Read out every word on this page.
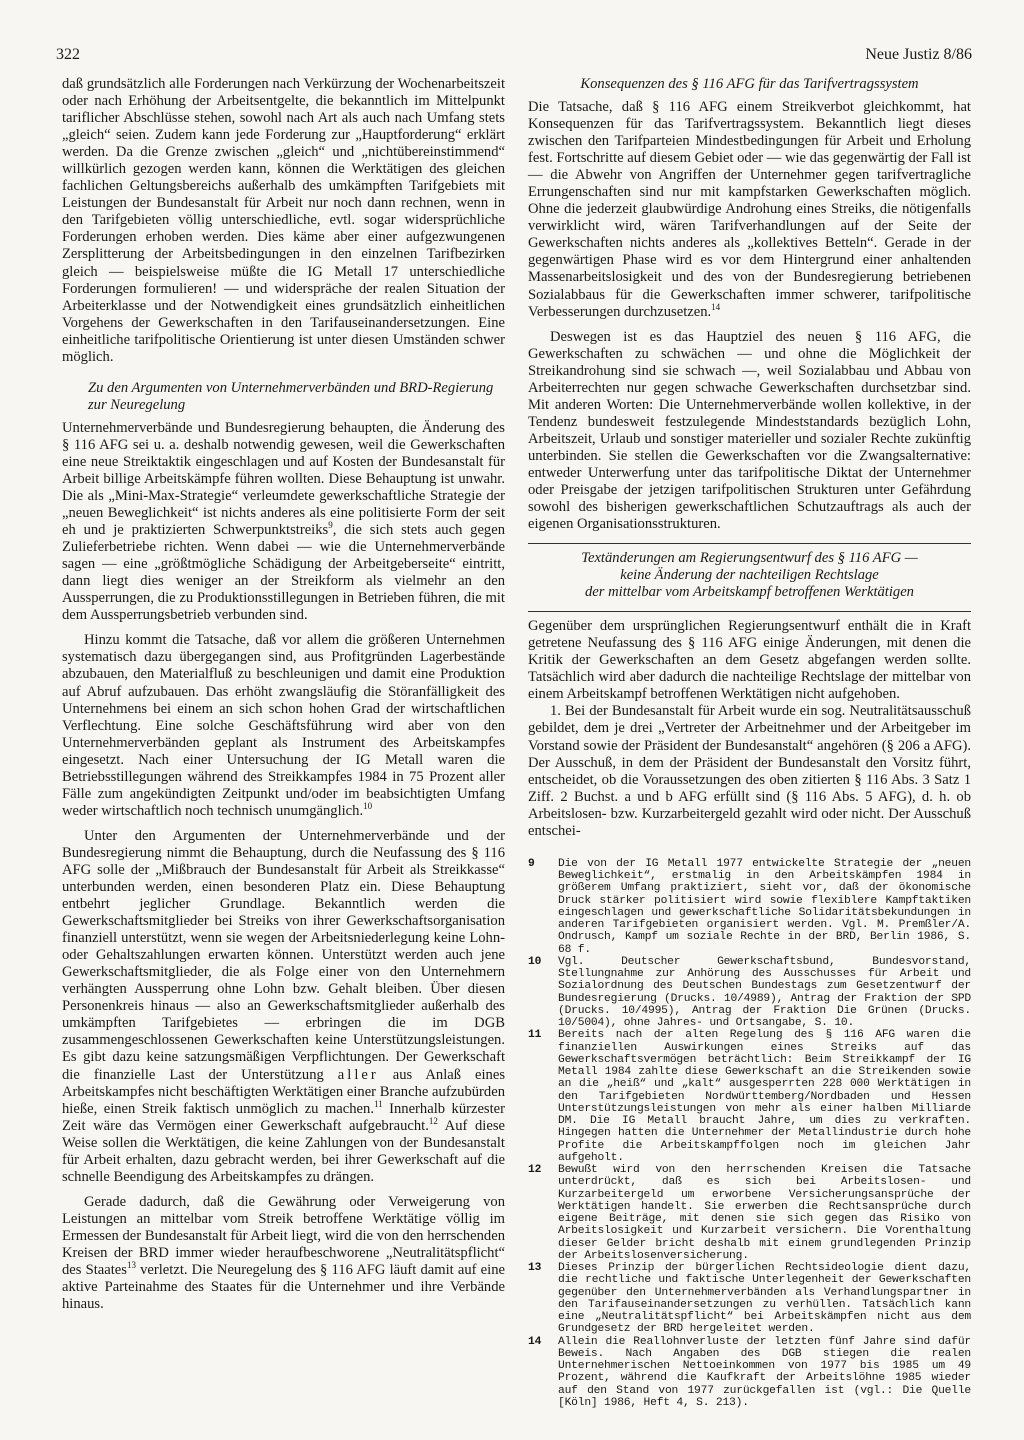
322	Neue Justiz 8/86

daß grundsätzlich alle Forderungen nach Verkürzung der Wochenarbeitszeit oder nach Erhöhung der Arbeitsentgelte, die bekanntlich im Mittelpunkt tariflicher Abschlüsse stehen, sowohl nach Art als auch nach Umfang stets „gleich“ seien. Zudem kann jede Forderung zur „Hauptforderung“ erklärt werden. Da die Grenze zwischen „gleich“ und „nichtübereinstimmend“ willkürlich gezogen werden kann, können die Werktätigen des gleichen fachlichen Geltungsbereichs außerhalb des umkämpften Tarifgebiets mit Leistungen der Bundesanstalt für Arbeit nur noch dann rechnen, wenn in den Tarifgebieten völlig unterschiedliche, evtl. sogar widersprüchliche Forderungen erhoben werden. Dies käme aber einer aufgezwungenen Zersplitterung der Arbeitsbedingungen in den einzelnen Tarifbezirken gleich — beispielsweise müßte die IG Metall 17 unterschiedliche Forderungen formulieren! — und widerspräche der realen Situation der Arbeiterklasse und der Notwendigkeit eines grundsätzlich einheitlichen Vorgehens der Gewerkschaften in den Tarifauseinandersetzungen. Eine einheitliche tarifpolitische Orientierung ist unter diesen Umständen schwer möglich.

Zu den Argumenten von Unternehmerverbänden und BRD-Regierung zur Neuregelung

Unternehmerverbände und Bundesregierung behaupten, die Änderung des § 116 AFG sei u. a. deshalb notwendig gewesen, weil die Gewerkschaften eine neue Streiktaktik eingeschlagen und auf Kosten der Bundesanstalt für Arbeit billige Arbeitskämpfe führen wollten. Diese Behauptung ist unwahr. Die als „Mini-Max-Strategie“ verleumdete gewerkschaftliche Strategie der „neuen Beweglichkeit“ ist nichts anderes als eine politisierte Form der seit eh und je praktizierten Schwerpunktstreiks$^9$, die sich stets auch gegen Zulieferbetriebe richten. Wenn dabei — wie die Unternehmerverbände sagen — eine „größtmögliche Schädigung der Arbeitgeberseite“ eintritt, dann liegt dies weniger an der Streikform als vielmehr an den Aussperrungen, die zu Produktionsstillegungen in Betrieben führen, die mit dem Aussperrungsbetrieb verbunden sind.

Hinzu kommt die Tatsache, daß vor allem die größeren Unternehmen systematisch dazu übergegangen sind, aus Profitgründen Lagerbestände abzubauen, den Materialfluß zu beschleunigen und damit eine Produktion auf Abruf aufzubauen. Das erhöht zwangsläufig die Störanfälligkeit des Unternehmens bei einem an sich schon hohen Grad der wirtschaftlichen Verflechtung. Eine solche Geschäftsführung wird aber von den Unternehmerverbänden geplant als Instrument des Arbeitskampfes eingesetzt. Nach einer Untersuchung der IG Metall waren die Betriebsstillegungen während des Streikkampfes 1984 in 75 Prozent aller Fälle zum angekündigten Zeitpunkt und/oder im beabsichtigten Umfang weder wirtschaftlich noch technisch unumgänglich.$^{10}$

Unter den Argumenten der Unternehmerverbände und der Bundesregierung nimmt die Behauptung, durch die Neufassung des § 116 AFG solle der „Mißbrauch der Bundesanstalt für Arbeit als Streikkasse“ unterbunden werden, einen besonderen Platz ein. Diese Behauptung entbehrt jeglicher Grundlage. Bekanntlich werden die Gewerkschaftsmitglieder bei Streiks von ihrer Gewerkschaftsorganisation finanziell unterstützt, wenn sie wegen der Arbeitsniederlegung keine Lohn- oder Gehaltszahlungen erwarten können. Unterstützt werden auch jene Gewerkschaftsmitglieder, die als Folge einer von den Unternehmern verhängten Aussperrung ohne Lohn bzw. Gehalt bleiben. Über diesen Personenkreis hinaus — also an Gewerkschaftsmitglieder außerhalb des umkämpften Tarifgebietes — erbringen die im DGB zusammengeschlossenen Gewerkschaften keine Unterstützungsleistungen. Es gibt dazu keine satzungsmäßigen Verpflichtungen. Der Gewerkschaft die finanzielle Last der Unterstützung aller aus Anlaß eines Arbeitskampfes nicht beschäftigten Werktätigen einer Branche aufzubürden hieße, einen Streik faktisch unmöglich zu machen.$^{11}$ Innerhalb kürzester Zeit wäre das Vermögen einer Gewerkschaft aufgebraucht.$^{12}$ Auf diese Weise sollen die Werktätigen, die keine Zahlungen von der Bundesanstalt für Arbeit erhalten, dazu gebracht werden, bei ihrer Gewerkschaft auf die schnelle Beendigung des Arbeitskampfes zu drängen.

Gerade dadurch, daß die Gewährung oder Verweigerung von Leistungen an mittelbar vom Streik betroffene Werktätige völlig im Ermessen der Bundesanstalt für Arbeit liegt, wird die von den herrschenden Kreisen der BRD immer wieder heraufbeschworene „Neutralitätspflicht“ des Staates$^{13}$ verletzt. Die Neuregelung des § 116 AFG läuft damit auf eine aktive Parteinahme des Staates für die Unternehmer und ihre Verbände hinaus.

Konsequenzen des § 116 AFG für das Tarifvertragssystem

Die Tatsache, daß § 116 AFG einem Streikverbot gleichkommt, hat Konsequenzen für das Tarifvertragssystem. Bekanntlich liegt dieses zwischen den Tarifparteien Mindestbedingungen für Arbeit und Erholung fest. Fortschritte auf diesem Gebiet oder — wie das gegenwärtig der Fall ist — die Abwehr von Angriffen der Unternehmer gegen tarifvertragliche Errungenschaften sind nur mit kampfstarken Gewerkschaften möglich. Ohne die jederzeit glaubwürdige Androhung eines Streiks, die nötigenfalls verwirklicht wird, wären Tarifverhandlungen auf der Seite der Gewerkschaften nichts anderes als „kollektives Betteln“. Gerade in der gegenwärtigen Phase wird es vor dem Hintergrund einer anhaltenden Massenarbeitslosigkeit und des von der Bundesregierung betriebenen Sozialabbaus für die Gewerkschaften immer schwerer, tarifpolitische Verbesserungen durchzusetzen.$^{14}$

Deswegen ist es das Hauptziel des neuen § 116 AFG, die Gewerkschaften zu schwächen — und ohne die Möglichkeit der Streikandrohung sind sie schwach —, weil Sozialabbau und Abbau von Arbeiterrechten nur gegen schwache Gewerkschaften durchsetzbar sind. Mit anderen Worten: Die Unternehmerverbände wollen kollektive, in der Tendenz bundesweit festzulegende Mindeststandards bezüglich Lohn, Arbeitszeit, Urlaub und sonstiger materieller und sozialer Rechte zukünftig unterbinden. Sie stellen die Gewerkschaften vor die Zwangsalternative: entweder Unterwerfung unter das tarifpolitische Diktat der Unternehmer oder Preisgabe der jetzigen tarifpolitischen Strukturen unter Gefährdung sowohl des bisherigen gewerkschaftlichen Schutzauftrags als auch der eigenen Organisationsstrukturen.

Textänderungen am Regierungsentwurf des § 116 AFG —
keine Änderung der nachteiligen Rechtslage
der mittelbar vom Arbeitskampf betroffenen Werktätigen

Gegenüber dem ursprünglichen Regierungsentwurf enthält die in Kraft getretene Neufassung des § 116 AFG einige Änderungen, mit denen die Kritik der Gewerkschaften an dem Gesetz abgefangen werden sollte. Tatsächlich wird aber dadurch die nachteilige Rechtslage der mittelbar von einem Arbeitskampf betroffenen Werktätigen nicht aufgehoben.

1. Bei der Bundesanstalt für Arbeit wurde ein sog. Neutralitätsausschuß gebildet, dem je drei „Vertreter der Arbeitnehmer und der Arbeitgeber im Vorstand sowie der Präsident der Bundesanstalt“ angehören (§ 206 a AFG). Der Ausschuß, in dem der Präsident der Bundesanstalt den Vorsitz führt, entscheidet, ob die Voraussetzungen des oben zitierten § 116 Abs. 3 Satz 1 Ziff. 2 Buchst. a und b AFG erfüllt sind (§ 116 Abs. 5 AFG), d. h. ob Arbeitslosen- bzw. Kurzarbeitergeld gezahlt wird oder nicht. Der Ausschuß entschei-

9	Die von der IG Metall 1977 entwickelte Strategie der „neuen Beweglichkeit“, erstmalig in den Arbeitskämpfen 1984 in größerem Umfang praktiziert, sieht vor, daß der ökonomische Druck stärker politisiert wird sowie flexiblere Kampftaktiken eingeschlagen und gewerkschaftliche Solidaritätsbekundungen in anderen Tarifgebieten organisiert werden. Vgl. M. Premßler/A. Ondrusch, Kampf um soziale Rechte in der BRD, Berlin 1986, S. 68 f.
10	Vgl. Deutscher Gewerkschaftsbund, Bundesvorstand, Stellungnahme zur Anhörung des Ausschusses für Arbeit und Sozialordnung des Deutschen Bundestags zum Gesetzentwurf der Bundesregierung (Drucks. 10/4989), Antrag der Fraktion der SPD (Drucks. 10/4995), Antrag der Fraktion Die Grünen (Drucks. 10/5004), ohne Jahres- und Ortsangabe, S. 10.
11	Bereits nach der alten Regelung des § 116 AFG waren die finanziellen Auswirkungen eines Streiks auf das Gewerkschaftsvermögen beträchtlich: Beim Streikkampf der IG Metall 1984 zahlte diese Gewerkschaft an die Streikenden sowie an die „heiß“ und „kalt“ ausgesperrten 228 000 Werktätigen in den Tarifgebieten Nordwürttemberg/Nordbaden und Hessen Unterstützungsleistungen von mehr als einer halben Milliarde DM. Die IG Metall braucht Jahre, um dies zu verkraften. Hingegen hatten die Unternehmer der Metallindustrie durch hohe Profite die Arbeitskampffolgen noch im gleichen Jahr aufgeholt.
12	Bewußt wird von den herrschenden Kreisen die Tatsache unterdrückt, daß es sich bei Arbeitslosen- und Kurzarbeitergeld um erworbene Versicherungsansprüche der Werktätigen handelt. Sie erwerben die Rechtsansprüche durch eigene Beiträge, mit denen sie sich gegen das Risiko von Arbeitslosigkeit und Kurzarbeit versichern. Die Vorenthaltung dieser Gelder bricht deshalb mit einem grundlegenden Prinzip der Arbeitslosenversicherung.
13	Dieses Prinzip der bürgerlichen Rechtsideologie dient dazu, die rechtliche und faktische Unterlegenheit der Gewerkschaften gegenüber den Unternehmerverbänden als Verhandlungspartner in den Tarifauseinandersetzungen zu verhüllen. Tatsächlich kann eine „Neutralitätspflicht“ bei Arbeitskämpfen nicht aus dem Grundgesetz der BRD hergeleitet werden.
14	Allein die Reallohnverluste der letzten fünf Jahre sind dafür Beweis. Nach Angaben des DGB stiegen die realen Unternehmerischen Nettoeinkommen von 1977 bis 1985 um 49 Prozent, während die Kaufkraft der Arbeitslöhne 1985 wieder auf den Stand von 1977 zurückgefallen ist (vgl.: Die Quelle [Köln] 1986, Heft 4, S. 213).
